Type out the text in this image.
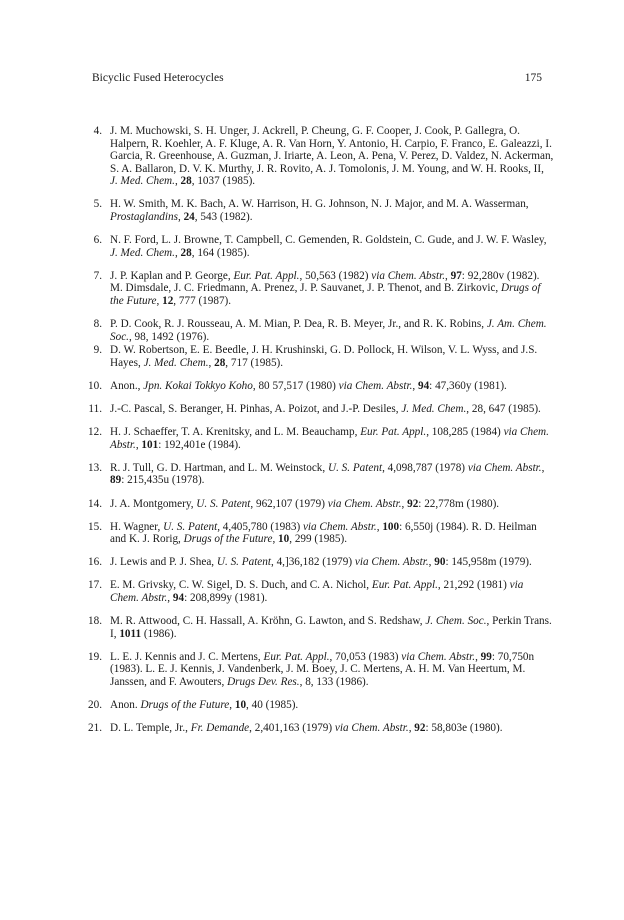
Bicyclic Fused Heterocycles	175
4. J. M. Muchowski, S. H. Unger, J. Ackrell, P. Cheung, G. F. Cooper, J. Cook, P. Gallegra, O. Halpern, R. Koehler, A. F. Kluge, A. R. Van Horn, Y. Antonio, H. Carpio, F. Franco, E. Galeazzi, I. Garcia, R. Greenhouse, A. Guzman, J. Iriarte, A. Leon, A. Pena, V. Perez, D. Valdez, N. Ackerman, S. A. Ballaron, D. V. K. Murthy, J. R. Rovito, A. J. Tomolonis, J. M. Young, and W. H. Rooks, II, J. Med. Chem., 28, 1037 (1985).
5. H. W. Smith, M. K. Bach, A. W. Harrison, H. G. Johnson, N. J. Major, and M. A. Wasserman, Prostaglandins, 24, 543 (1982).
6. N. F. Ford, L. J. Browne, T. Campbell, C. Gemenden, R. Goldstein, C. Gude, and J. W. F. Wasley, J. Med. Chem., 28, 164 (1985).
7. J. P. Kaplan and P. George, Eur. Pat. Appl., 50,563 (1982) via Chem. Abstr., 97: 92,280v (1982). M. Dimsdale, J. C. Friedmann, A. Prenez, J. P. Sauvanet, J. P. Thenot, and B. Zirkovic, Drugs of the Future, 12, 777 (1987).
8. P. D. Cook, R. J. Rousseau, A. M. Mian, P. Dea, R. B. Meyer, Jr., and R. K. Robins, J. Am. Chem. Soc., 98, 1492 (1976).
9. D. W. Robertson, E. E. Beedle, J. H. Krushinski, G. D. Pollock, H. Wilson, V. L. Wyss, and J.S. Hayes, J. Med. Chem., 28, 717 (1985).
10. Anon., Jpn. Kokai Tokkyo Koho, 80 57,517 (1980) via Chem. Abstr., 94: 47,360y (1981).
11. J.-C. Pascal, S. Beranger, H. Pinhas, A. Poizot, and J.-P. Desiles, J. Med. Chem., 28, 647 (1985).
12. H. J. Schaeffer, T. A. Krenitsky, and L. M. Beauchamp, Eur. Pat. Appl., 108,285 (1984) via Chem. Abstr., 101: 192,401e (1984).
13. R. J. Tull, G. D. Hartman, and L. M. Weinstock, U. S. Patent, 4,098,787 (1978) via Chem. Abstr., 89: 215,435u (1978).
14. J. A. Montgomery, U. S. Patent, 962,107 (1979) via Chem. Abstr., 92: 22,778m (1980).
15. H. Wagner, U. S. Patent, 4,405,780 (1983) via Chem. Abstr., 100: 6,550j (1984). R. D. Heilman and K. J. Rorig, Drugs of the Future, 10, 299 (1985).
16. J. Lewis and P. J. Shea, U. S. Patent, 4,]36,182 (1979) via Chem. Abstr., 90: 145,958m (1979).
17. E. M. Grivsky, C. W. Sigel, D. S. Duch, and C. A. Nichol, Eur. Pat. Appl., 21,292 (1981) via Chem. Abstr., 94: 208,899y (1981).
18. M. R. Attwood, C. H. Hassall, A. Kröhn, G. Lawton, and S. Redshaw, J. Chem. Soc., Perkin Trans. I, 1011 (1986).
19. L. E. J. Kennis and J. C. Mertens, Eur. Pat. Appl., 70,053 (1983) via Chem. Abstr., 99: 70,750n (1983). L. E. J. Kennis, J. Vandenberk, J. M. Boey, J. C. Mertens, A. H. M. Van Heertum, M. Janssen, and F. Awouters, Drugs Dev. Res., 8, 133 (1986).
20. Anon. Drugs of the Future, 10, 40 (1985).
21. D. L. Temple, Jr., Fr. Demande, 2,401,163 (1979) via Chem. Abstr., 92: 58,803e (1980).
